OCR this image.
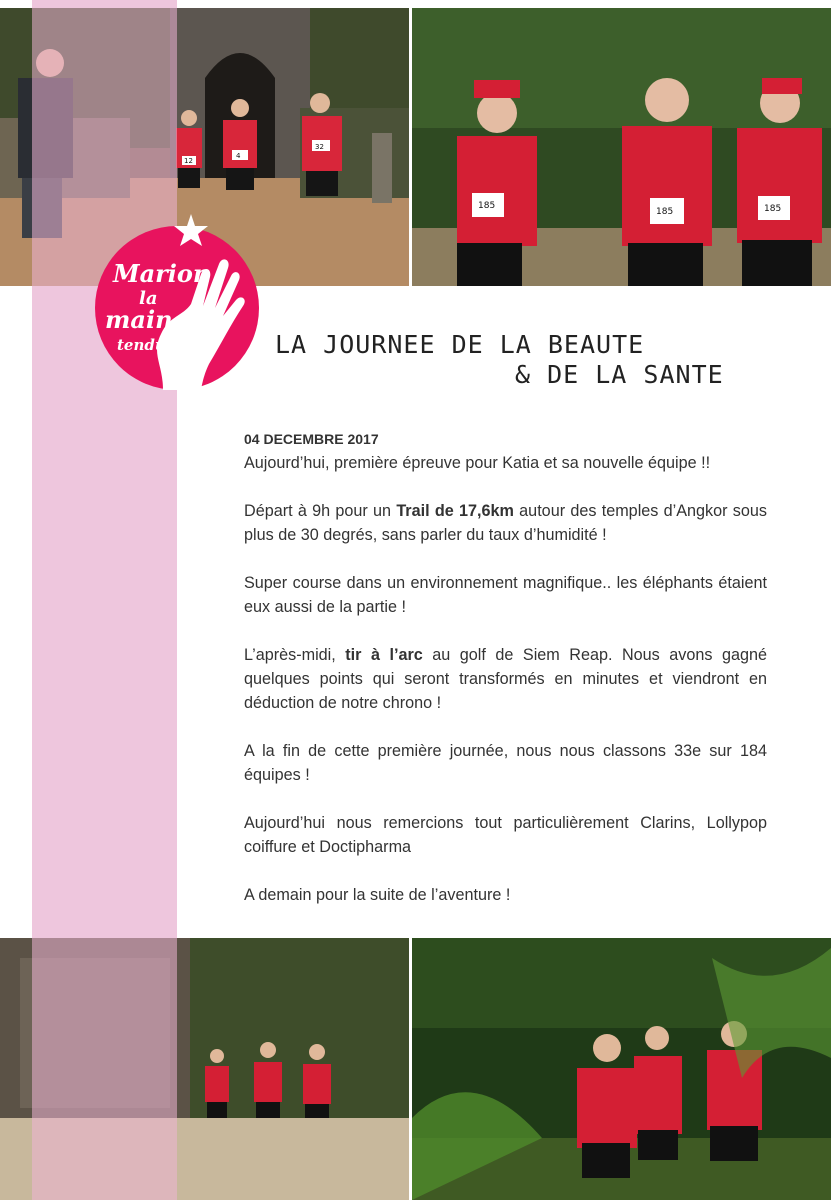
12
4
32
185
185	185
Marion
la
main
tendue	LA JOURNEE DE LA BEAUTE
& DE LA SANTE
04 DECEMBRE 2017

Aujourd’hui, première épreuve pour Katia et sa nouvelle équipe !!

Départ à 9h pour un Trail de 17,6km autour des temples d’Angkor sous plus de 30 degrés, sans parler du taux d’humidité !

Super course dans un environnement magnifique.. les éléphants étaient eux aussi de la partie !

L’après-midi, tir à l’arc au golf de Siem Reap. Nous avons gagné quelques points qui seront transformés en minutes et viendront en déduction de notre chrono !

A la fin de cette première journée, nous nous classons 33e sur 184 équipes !

Aujourd’hui nous remercions tout particulièrement Clarins, Lollypop coiffure et Doctipharma

A demain pour la suite de l’aventure !
